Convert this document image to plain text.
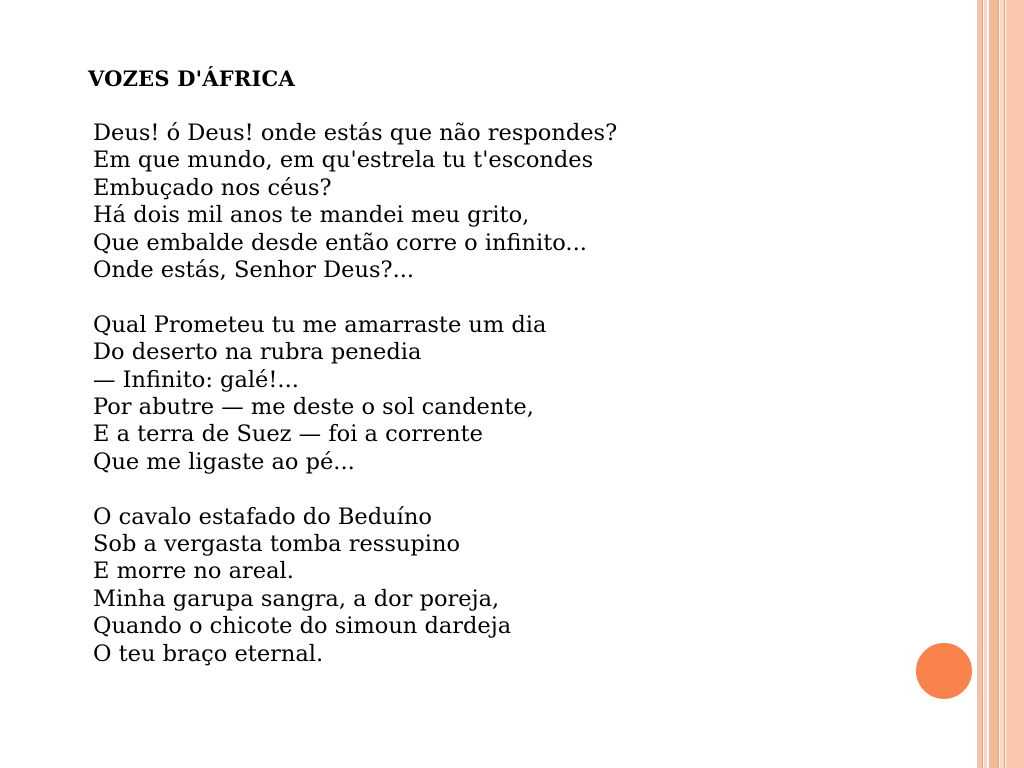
VOZES D'ÁFRICA
Deus! ó Deus! onde estás que não respondes?
Em que mundo, em qu'estrela tu t'escondes
Embuçado nos céus?
Há dois mil anos te mandei meu grito,
Que embalde desde então corre o infinito...
Onde estás, Senhor Deus?...
Qual Prometeu tu me amarraste um dia
Do deserto na rubra penedia
— Infinito: galé!...
Por abutre — me deste o sol candente,
E a terra de Suez — foi a corrente
Que me ligaste ao pé...
O cavalo estafado do Beduíno
Sob a vergasta tomba ressupino
E morre no areal.
Minha garupa sangra, a dor poreja,
Quando o chicote do simoun dardeja
O teu braço eternal.
